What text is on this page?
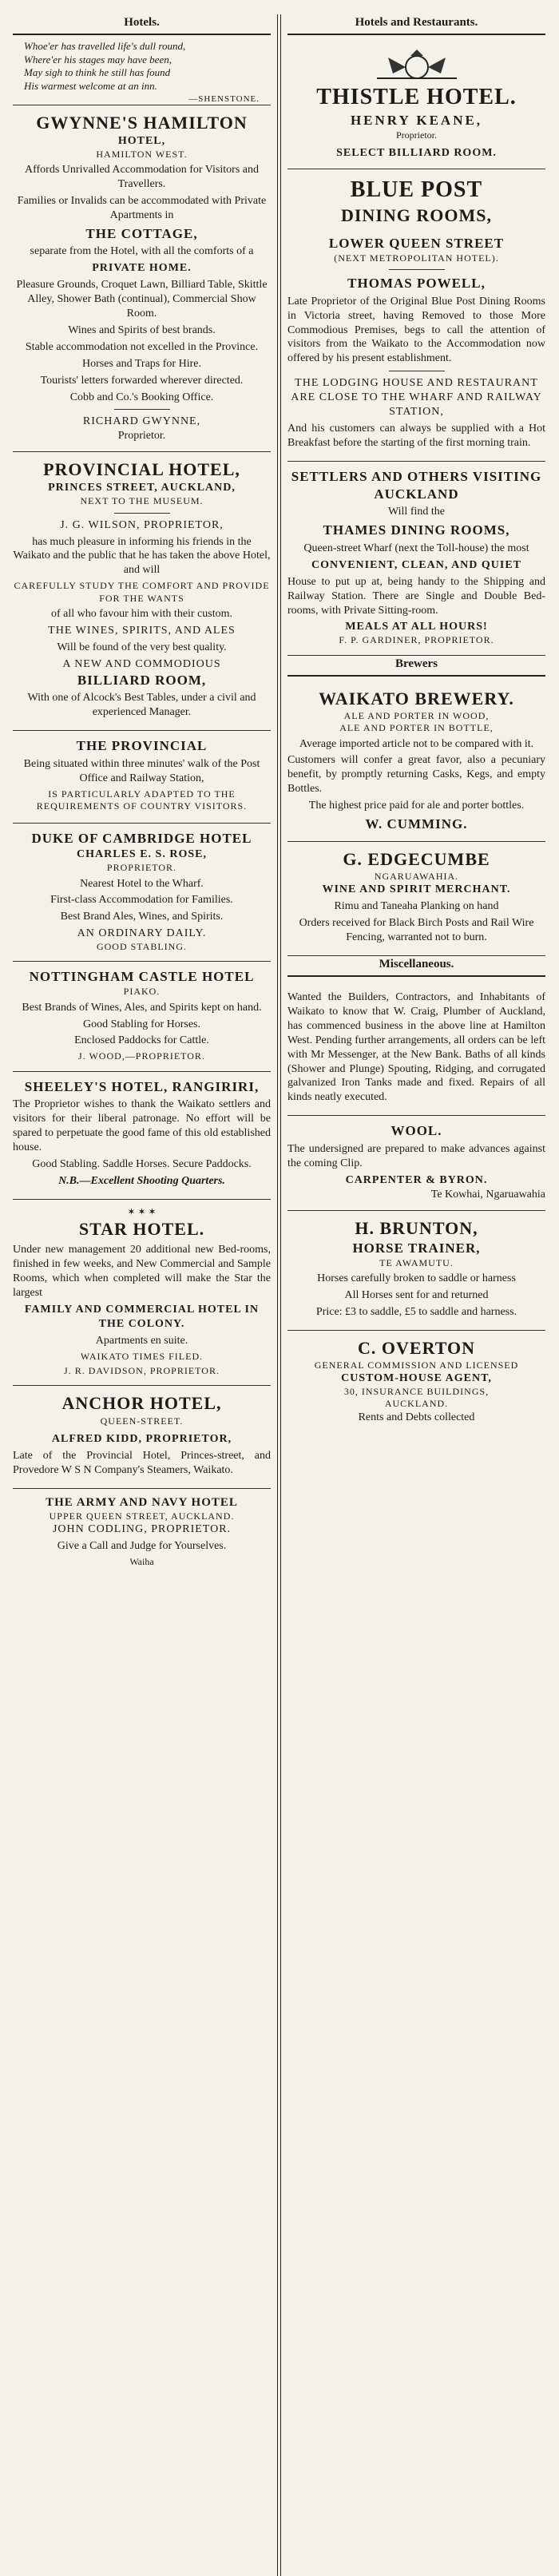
Hotels.
Whoe'er has travelled life's dull round,
Where'er his stages may have been,
May sigh to think he still has found
His warmest welcome at an inn.
—SHENSTONE.
GWYNNE'S HAMILTON
HOTEL,
HAMILTON WEST.

Affords Unrivalled Accommodation for Visitors and Travellers.

Families or Invalids can be accommodated with Private Apartments in

THE COTTAGE,

separate from the Hotel, with all the comforts of a

PRIVATE HOME.

Pleasure Grounds, Croquet Lawn, Billiard Table, Skittle Alley, Shower Bath (continual), Commercial Show Room.

Wines and Spirits of best brands.

Stable accommodation not excelled in the Province.

Horses and Traps for Hire.

Tourists' letters forwarded wherever directed.

Cobb and Co.'s Booking Office.

RICHARD GWYNNE,
Proprietor.
PROVINCIAL HOTEL,
PRINCES STREET, AUCKLAND,
NEXT TO THE MUSEUM.
J. G. WILSON, PROPRIETOR,

has much pleasure in informing his friends in the Waikato and the public that he has taken the above Hotel, and will

CAREFULLY STUDY THE COMFORT AND PROVIDE FOR THE WANTS

of all who favour him with their custom.

THE WINES, SPIRITS, AND ALES

Will be found of the very best quality.

A NEW AND COMMODIOUS
BILLIARD ROOM,

With one of Alcock's Best Tables, under a civil and experienced Manager.

THE PROVINCIAL

Being situated within three minutes' walk of the Post Office and Railway Station,

IS PARTICULARLY ADAPTED TO THE REQUIREMENTS OF COUNTRY VISITORS.

DUKE OF CAMBRIDGE HOTEL
CHARLES E. S. ROSE,
PROPRIETOR.

Nearest Hotel to the Wharf.

First-class Accommodation for Families.

Best Brand Ales, Wines, and Spirits.

AN ORDINARY DAILY.
GOOD STABLING.
NOTTINGHAM CASTLE HOTEL
PIAKO.

Best Brands of Wines, Ales, and Spirits kept on hand.

Good Stabling for Horses.

Enclosed Paddocks for Cattle.

J. WOOD,—PROPRIETOR.
SHEELEY'S HOTEL, RANGIRIRI,

The Proprietor wishes to thank the Waikato settlers and visitors for their liberal patronage. No effort will be spared to perpetuate the good fame of this old established house.

Good Stabling. Saddle Horses. Secure Paddocks.

N.B.—Excellent Shooting Quarters.

✶ ✶ ✶
STAR HOTEL.

Under new management 20 additional new Bed-rooms, finished in few weeks, and New Commercial and Sample Rooms, which when completed will make the Star the largest

FAMILY AND COMMERCIAL HOTEL IN THE COLONY.

Apartments en suite.

WAIKATO TIMES FILED.

J. R. DAVIDSON, PROPRIETOR.
ANCHOR HOTEL,
QUEEN-STREET.
ALFRED KIDD, PROPRIETOR,

Late of the Provincial Hotel, Princes-street, and Provedore W S N Company's Steamers, Waikato.

THE ARMY AND NAVY HOTEL
UPPER QUEEN STREET, AUCKLAND.
JOHN CODLING, PROPRIETOR.

Give a Call and Judge for Yourselves.

Waiha

Hotels and Restaurants.
THISTLE HOTEL.
HENRY KEANE,
Proprietor.
SELECT BILLIARD ROOM.
BLUE POST
DINING ROOMS,
LOWER QUEEN STREET
(NEXT METROPOLITAN HOTEL).
THOMAS POWELL,

Late Proprietor of the Original Blue Post Dining Rooms in Victoria street, having Removed to those More Commodious Premises, begs to call the attention of visitors from the Waikato to the Accommodation now offered by his present establishment.

THE LODGING HOUSE AND RESTAURANT ARE CLOSE TO THE WHARF AND RAILWAY STATION,

And his customers can always be supplied with a Hot Breakfast before the starting of the first morning train.

SETTLERS AND OTHERS VISITING AUCKLAND

Will find the

THAMES DINING ROOMS,

Queen-street Wharf (next the Toll-house) the most

CONVENIENT, CLEAN, AND QUIET

House to put up at, being handy to the Shipping and Railway Station. There are Single and Double Bed-rooms, with Private Sitting-room.

MEALS AT ALL HOURS!
F. P. GARDINER, PROPRIETOR.
Brewers
WAIKATO BREWERY.
ALE AND PORTER IN WOOD,
ALE AND PORTER IN BOTTLE,

Average imported article not to be compared with it.

Customers will confer a great favor, also a pecuniary benefit, by promptly returning Casks, Kegs, and empty Bottles.

The highest price paid for ale and porter bottles.

W. CUMMING.
G. EDGECUMBE
NGARUAWAHIA.
WINE AND SPIRIT MERCHANT.

Rimu and Taneaha Planking on hand

Orders received for Black Birch Posts and Rail Wire Fencing, warranted not to burn.

Miscellaneous.

Wanted the Builders, Contractors, and Inhabitants of Waikato to know that W. Craig, Plumber of Auckland, has commenced business in the above line at Hamilton West. Pending further arrangements, all orders can be left with Mr Messenger, at the New Bank. Baths of all kinds (Shower and Plunge) Spouting, Ridging, and corrugated galvanized Iron Tanks made and fixed. Repairs of all kinds neatly executed.

WOOL.

The undersigned are prepared to make advances against the coming Clip.

CARPENTER & BYRON.
Te Kowhai, Ngaruawahia
H. BRUNTON,
HORSE TRAINER,
TE AWAMUTU.

Horses carefully broken to saddle or harness

All Horses sent for and returned

Price: £3 to saddle, £5 to saddle and harness.

C. OVERTON
GENERAL COMMISSION AND LICENSED
CUSTOM-HOUSE AGENT,
30, INSURANCE BUILDINGS,
AUCKLAND.
Rents and Debts collected
